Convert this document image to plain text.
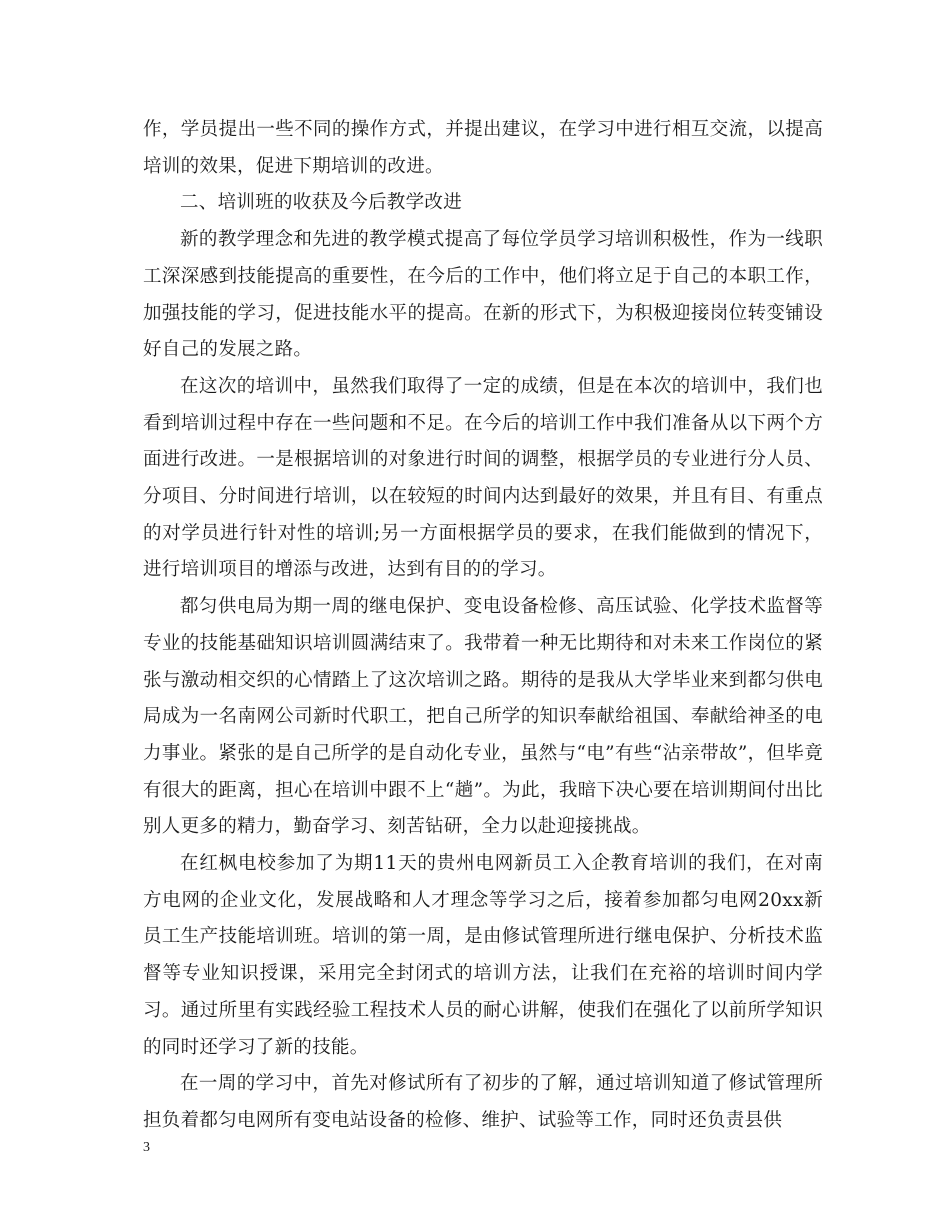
作，学员提出一些不同的操作方式，并提出建议，在学习中进行相互交流，以提高培训的效果，促进下期培训的改进。

二、培训班的收获及今后教学改进

新的教学理念和先进的教学模式提高了每位学员学习培训积极性，作为一线职工深深感到技能提高的重要性，在今后的工作中，他们将立足于自己的本职工作，加强技能的学习，促进技能水平的提高。在新的形式下，为积极迎接岗位转变铺设好自己的发展之路。

在这次的培训中，虽然我们取得了一定的成绩，但是在本次的培训中，我们也看到培训过程中存在一些问题和不足。在今后的培训工作中我们准备从以下两个方面进行改进。一是根据培训的对象进行时间的调整，根据学员的专业进行分人员、分项目、分时间进行培训，以在较短的时间内达到最好的效果，并且有目、有重点的对学员进行针对性的培训;另一方面根据学员的要求，在我们能做到的情况下，进行培训项目的增添与改进，达到有目的的学习。

都匀供电局为期一周的继电保护、变电设备检修、高压试验、化学技术监督等专业的技能基础知识培训圆满结束了。我带着一种无比期待和对未来工作岗位的紧张与激动相交织的心情踏上了这次培训之路。期待的是我从大学毕业来到都匀供电局成为一名南网公司新时代职工，把自己所学的知识奉献给祖国、奉献给神圣的电力事业。紧张的是自己所学的是自动化专业，虽然与“电”有些“沾亲带故”，但毕竟有很大的距离，担心在培训中跟不上“趟”。为此，我暗下决心要在培训期间付出比别人更多的精力，勤奋学习、刻苦钻研，全力以赴迎接挑战。

在红枫电校参加了为期11天的贵州电网新员工入企教育培训的我们，在对南方电网的企业文化，发展战略和人才理念等学习之后，接着参加都匀电网20xx新员工生产技能培训班。培训的第一周，是由修试管理所进行继电保护、分析技术监督等专业知识授课，采用完全封闭式的培训方法，让我们在充裕的培训时间内学习。通过所里有实践经验工程技术人员的耐心讲解，使我们在强化了以前所学知识的同时还学习了新的技能。

在一周的学习中，首先对修试所有了初步的了解，通过培训知道了修试管理所担负着都匀电网所有变电站设备的检修、维护、试验等工作，同时还负责县供

3
